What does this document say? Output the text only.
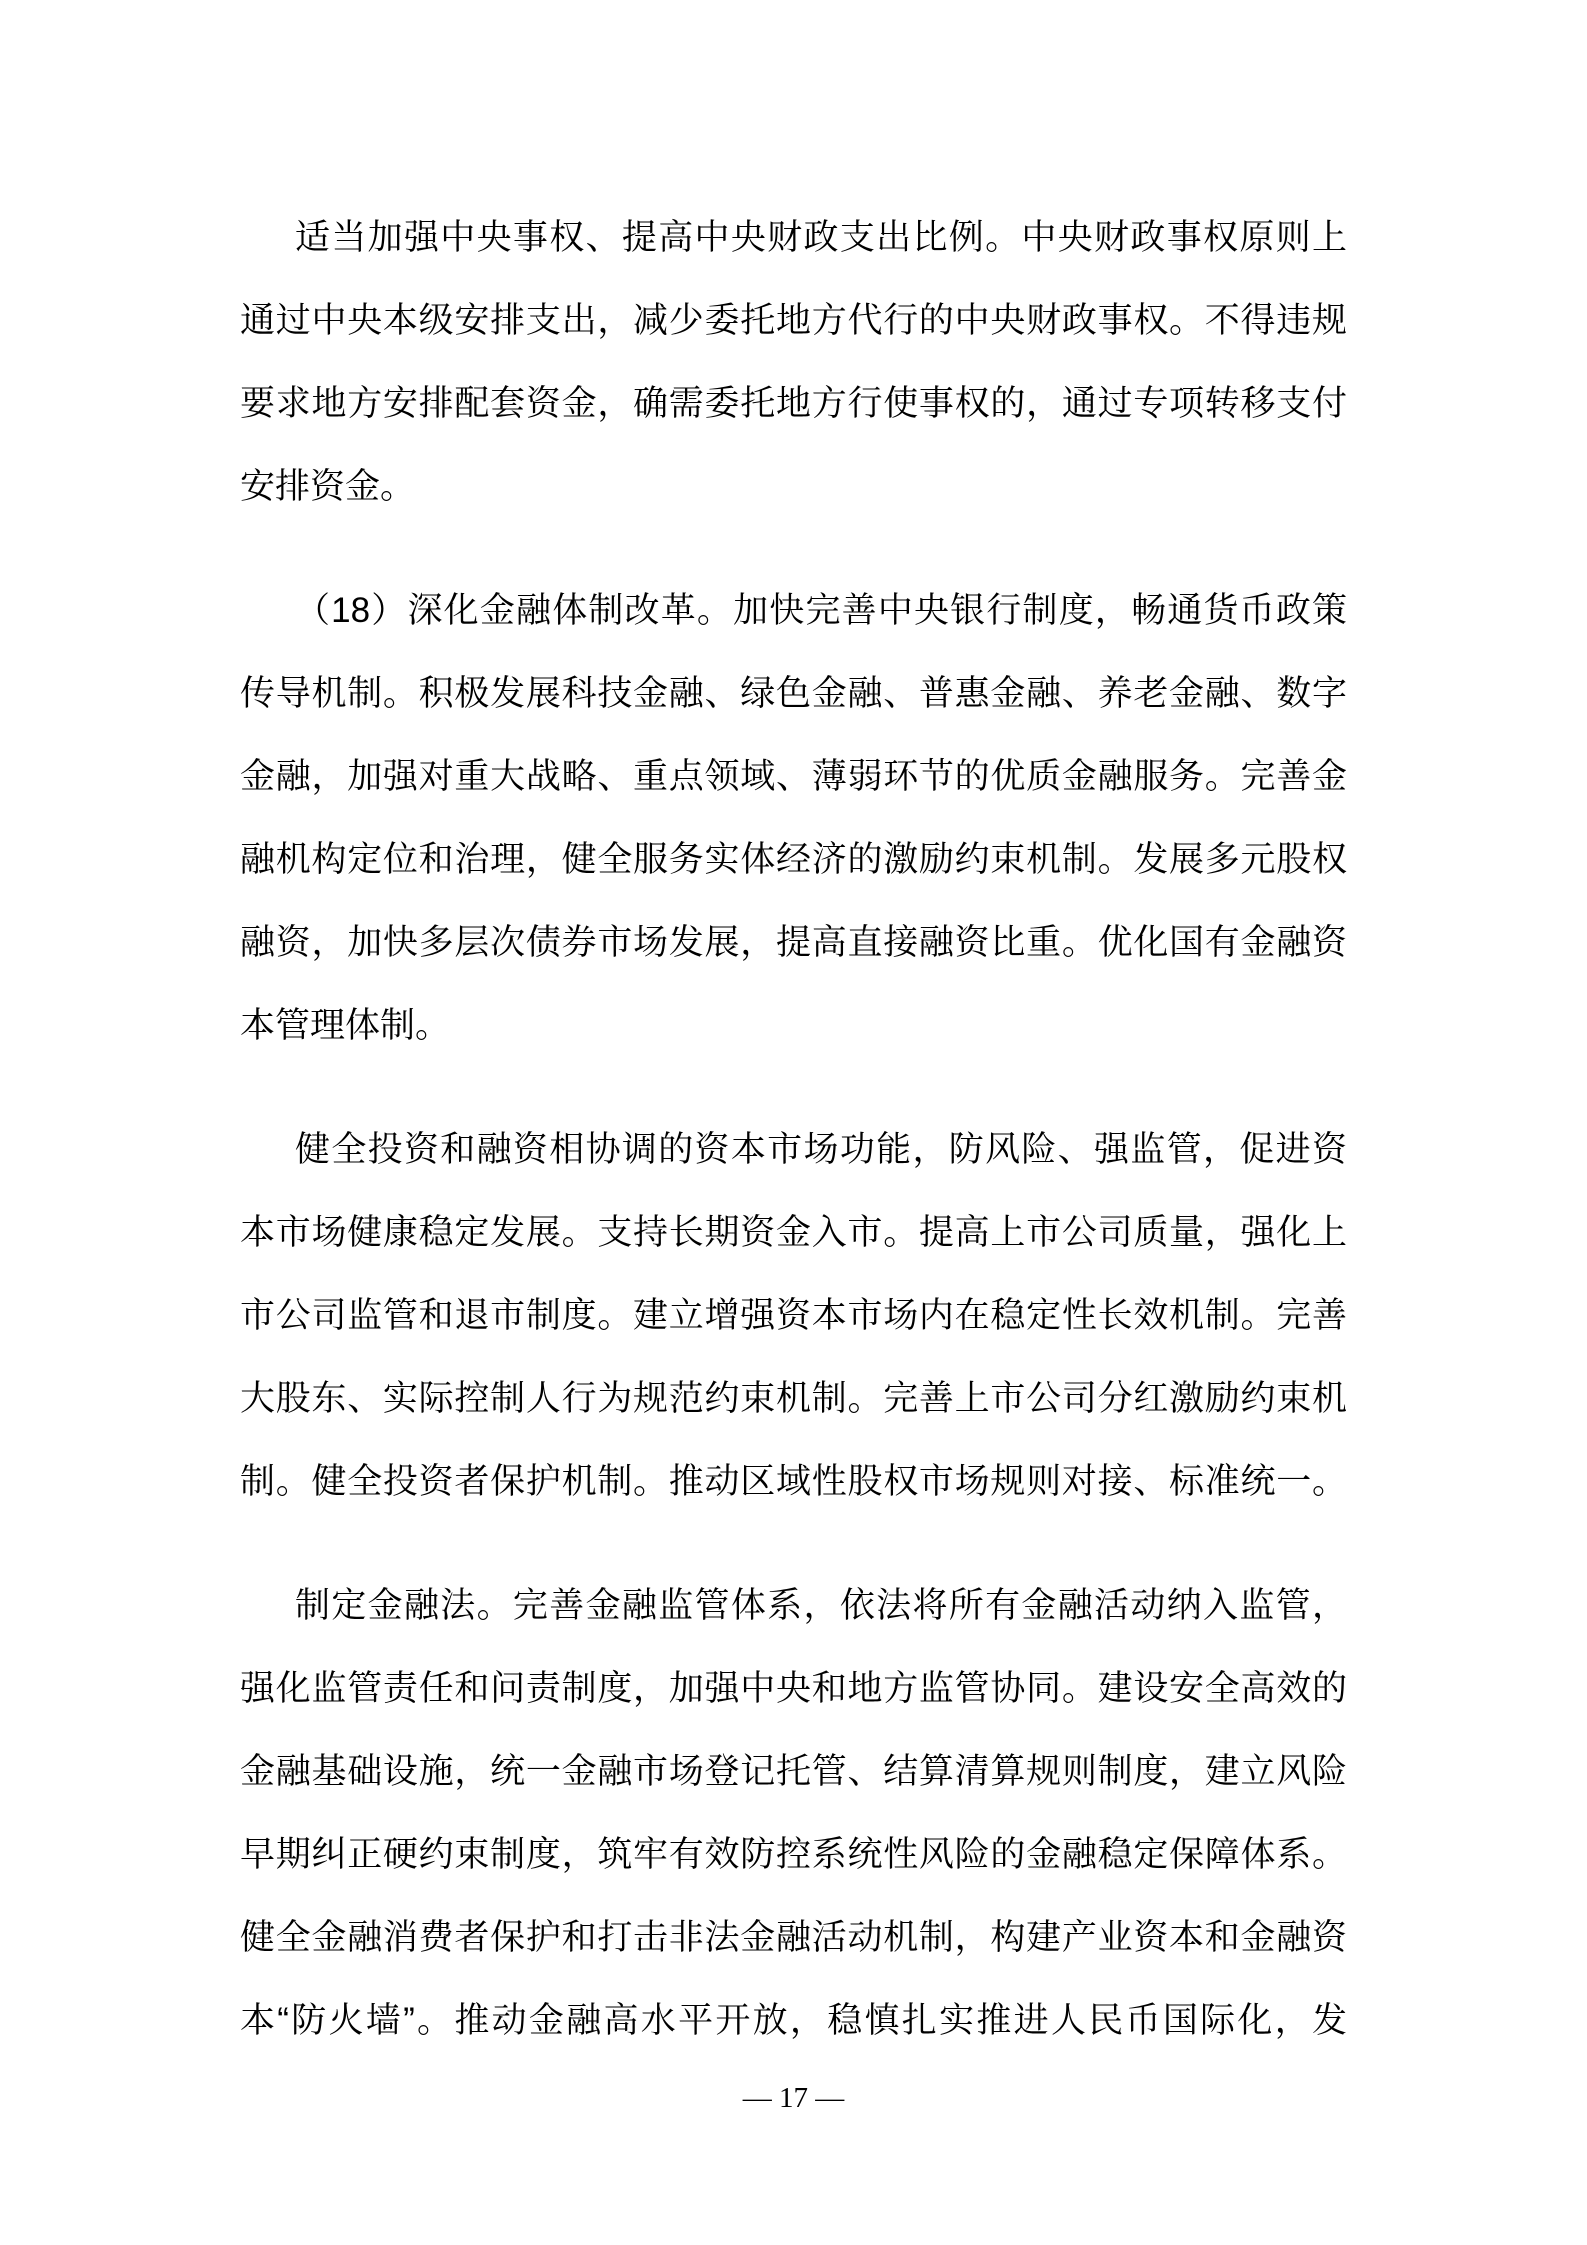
适当加强中央事权、提高中央财政支出比例。中央财政事权原则上
通过中央本级安排支出，减少委托地方代行的中央财政事权。不得违规
要求地方安排配套资金，确需委托地方行使事权的，通过专项转移支付
安排资金。
（18）深化金融体制改革。加快完善中央银行制度，畅通货币政策
传导机制。积极发展科技金融、绿色金融、普惠金融、养老金融、数字
金融，加强对重大战略、重点领域、薄弱环节的优质金融服务。完善金
融机构定位和治理，健全服务实体经济的激励约束机制。发展多元股权
融资，加快多层次债券市场发展，提高直接融资比重。优化国有金融资
本管理体制。
健全投资和融资相协调的资本市场功能，防风险、强监管，促进资
本市场健康稳定发展。支持长期资金入市。提高上市公司质量，强化上
市公司监管和退市制度。建立增强资本市场内在稳定性长效机制。完善
大股东、实际控制人行为规范约束机制。完善上市公司分红激励约束机
制。健全投资者保护机制。推动区域性股权市场规则对接、标准统一。
制定金融法。完善金融监管体系，依法将所有金融活动纳入监管，
强化监管责任和问责制度，加强中央和地方监管协同。建设安全高效的
金融基础设施，统一金融市场登记托管、结算清算规则制度，建立风险
早期纠正硬约束制度，筑牢有效防控系统性风险的金融稳定保障体系。
健全金融消费者保护和打击非法金融活动机制，构建产业资本和金融资
本“防火墙”。推动金融高水平开放，稳慎扎实推进人民币国际化，发
— 17 —
